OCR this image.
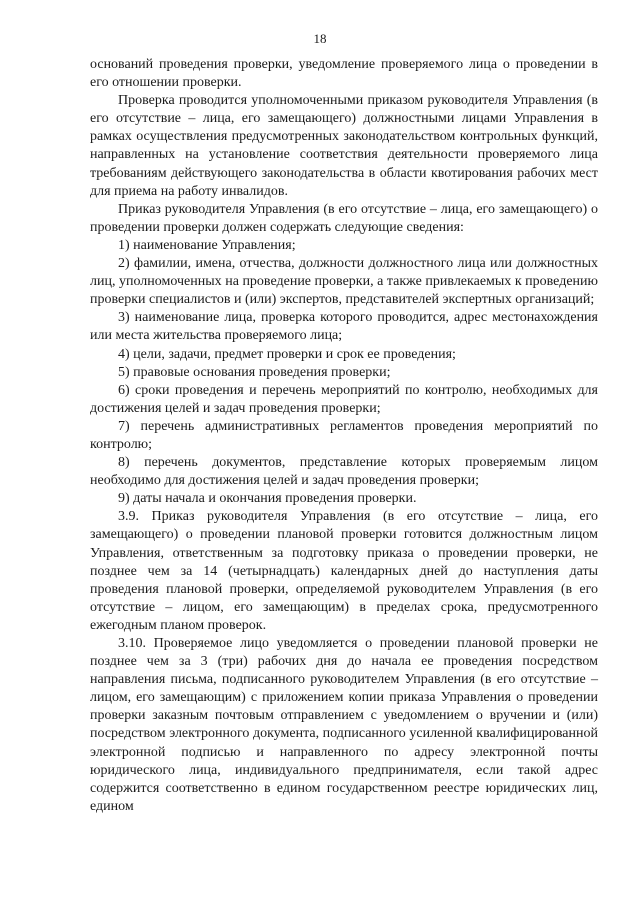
18

оснований проведения проверки, уведомление проверяемого лица о проведении в его отношении проверки.

Проверка проводится уполномоченными приказом руководителя Управления (в его отсутствие – лица, его замещающего) должностными лицами Управления в рамках осуществления предусмотренных законодательством контрольных функций, направленных на установление соответствия деятельности проверяемого лица требованиям действующего законодательства в области квотирования рабочих мест для приема на работу инвалидов.

Приказ руководителя Управления (в его отсутствие – лица, его замещающего) о проведении проверки должен содержать следующие сведения:

1) наименование Управления;

2) фамилии, имена, отчества, должности должностного лица или должностных лиц, уполномоченных на проведение проверки, а также привлекаемых к проведению проверки специалистов и (или) экспертов, представителей экспертных организаций;

3) наименование лица, проверка которого проводится, адрес местонахождения или места жительства проверяемого лица;

4) цели, задачи, предмет проверки и срок ее проведения;

5) правовые основания проведения проверки;

6) сроки проведения и перечень мероприятий по контролю, необходимых для достижения целей и задач проведения проверки;

7) перечень административных регламентов проведения мероприятий по контролю;

8) перечень документов, представление которых проверяемым лицом необходимо для достижения целей и задач проведения проверки;

9) даты начала и окончания проведения проверки.

3.9. Приказ руководителя Управления (в его отсутствие – лица, его замещающего) о проведении плановой проверки готовится должностным лицом Управления, ответственным за подготовку приказа о проведении проверки, не позднее чем за 14 (четырнадцать) календарных дней до наступления даты проведения плановой проверки, определяемой руководителем Управления (в его отсутствие – лицом, его замещающим) в пределах срока, предусмотренного ежегодным планом проверок.

3.10. Проверяемое лицо уведомляется о проведении плановой проверки не позднее чем за 3 (три) рабочих дня до начала ее проведения посредством направления письма, подписанного руководителем Управления (в его отсутствие – лицом, его замещающим) с приложением копии приказа Управления о проведении проверки заказным почтовым отправлением с уведомлением о вручении и (или) посредством электронного документа, подписанного усиленной квалифицированной электронной подписью и направленного по адресу электронной почты юридического лица, индивидуального предпринимателя, если такой адрес содержится соответственно в едином государственном реестре юридических лиц, едином
